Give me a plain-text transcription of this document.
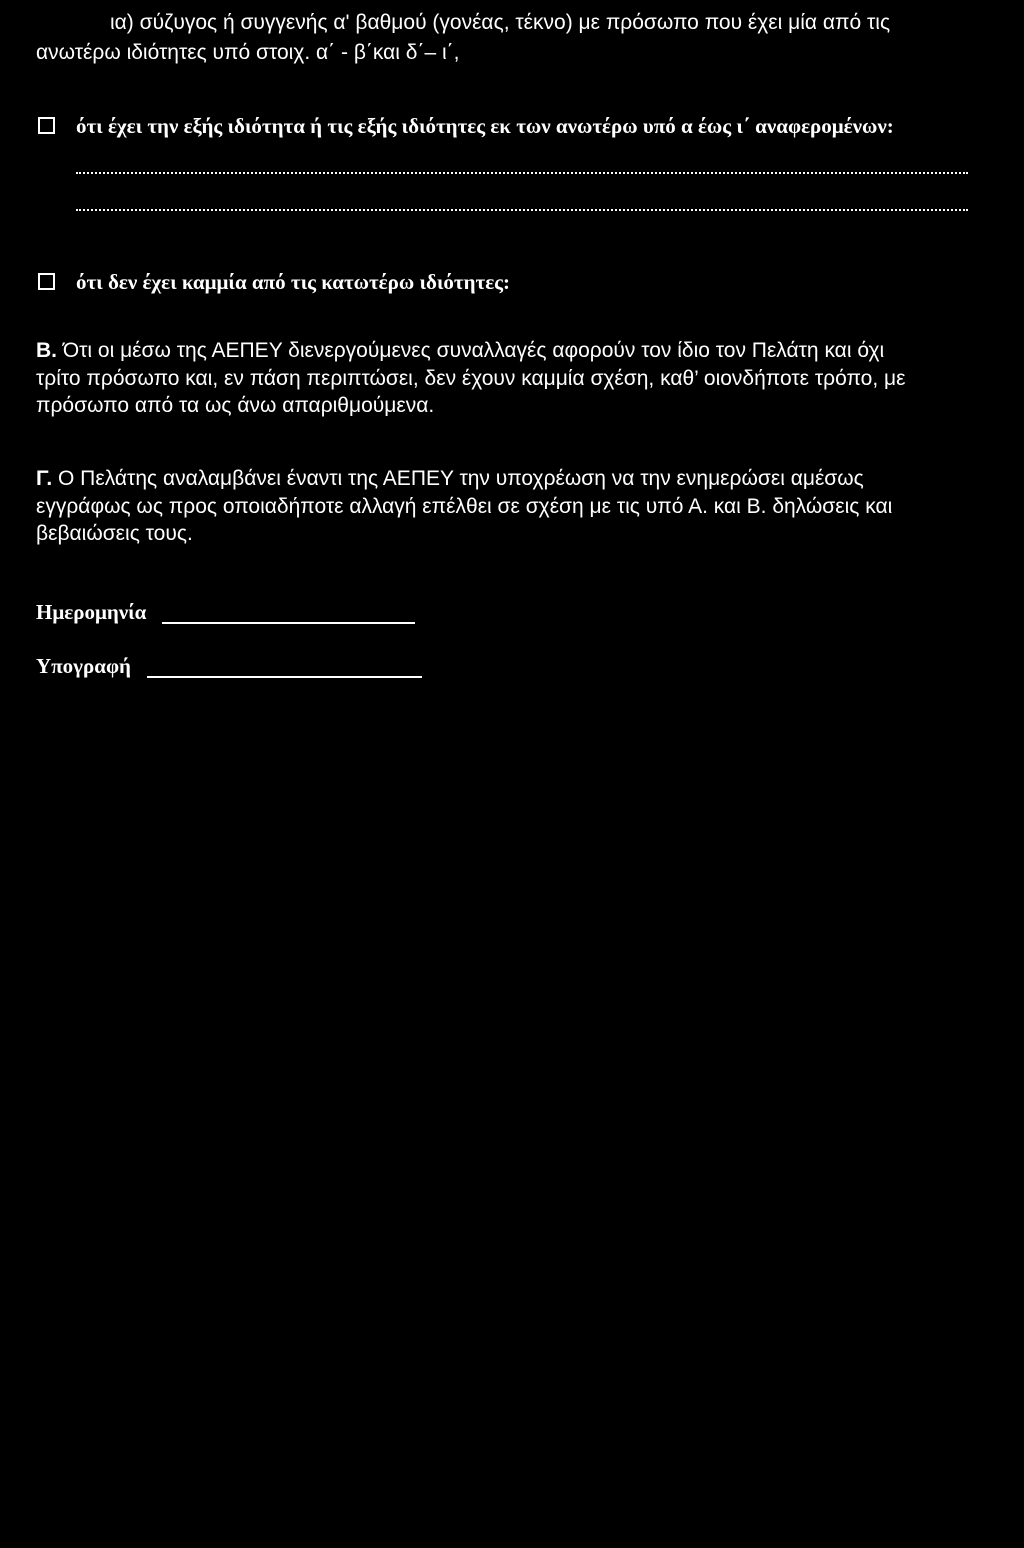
ια) σύζυγος ή συγγενής α' βαθμού (γονέας, τέκνο) με πρόσωπο που έχει μία από τις
ανωτέρω ιδιότητες υπό στοιχ. α΄ - β΄και δ΄– ι΄,
ότι έχει την εξής ιδιότητα ή τις εξής ιδιότητες εκ των ανωτέρω υπό α έως ι΄ αναφερομένων:
ότι δεν έχει καμμία από τις κατωτέρω ιδιότητες:
Β. Ότι οι μέσω της ΑΕΠΕΥ διενεργούμενες συναλλαγές αφορούν τον ίδιο τον Πελάτη και όχι
τρίτο πρόσωπο και, εν πάση περιπτώσει, δεν έχουν καμμία σχέση, καθ’ οιονδήποτε τρόπο, με
πρόσωπο από τα ως άνω απαριθμούμενα.
Γ. Ο Πελάτης αναλαμβάνει έναντι της ΑΕΠΕΥ την υποχρέωση να την ενημερώσει αμέσως
εγγράφως ως προς οποιαδήποτε αλλαγή επέλθει σε σχέση με τις υπό Α. και Β. δηλώσεις και
βεβαιώσεις τους.
Ημερομηνία
Υπογραφή
